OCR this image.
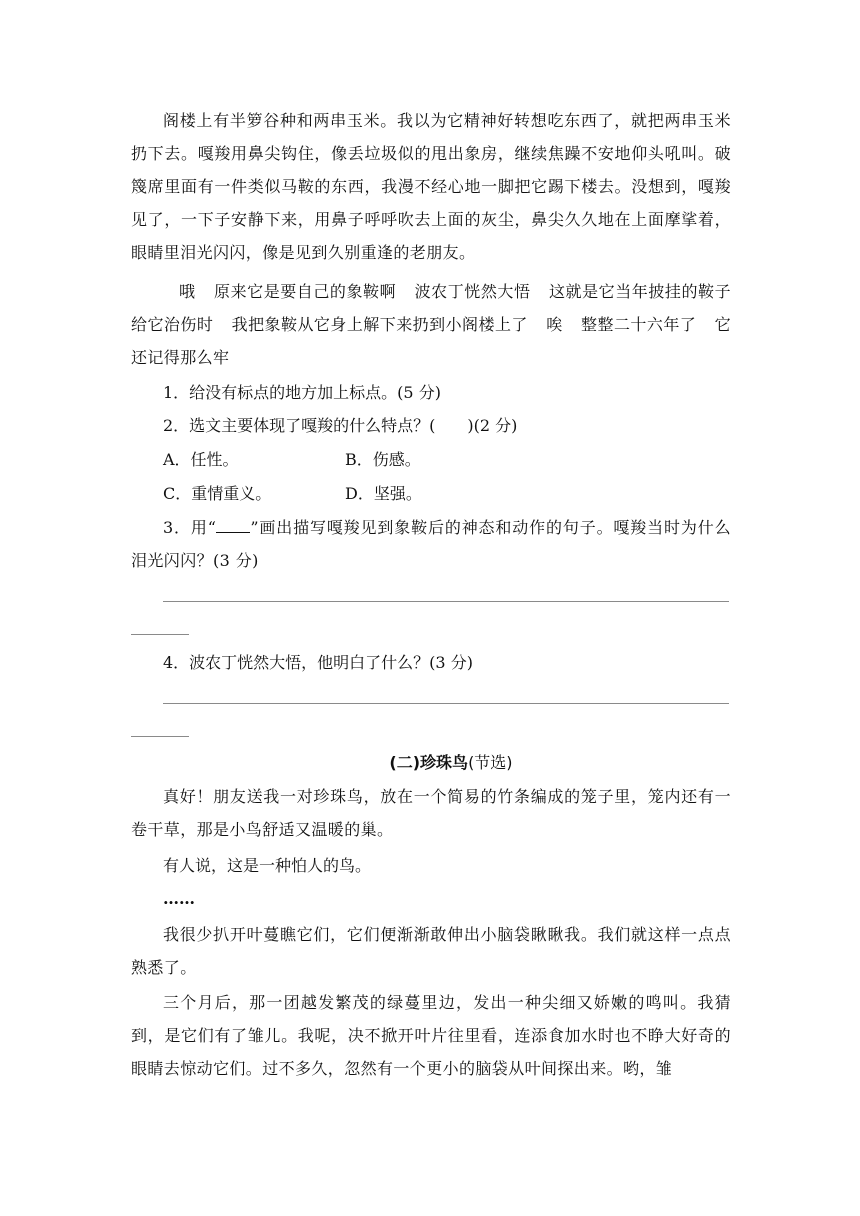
阁楼上有半箩谷种和两串玉米。我以为它精神好转想吃东西了，就把两串玉米扔下去。嘎羧用鼻尖钩住，像丢垃圾似的甩出象房，继续焦躁不安地仰头吼叫。破篾席里面有一件类似马鞍的东西，我漫不经心地一脚把它踢下楼去。没想到，嘎羧见了，一下子安静下来，用鼻子呼呼吹去上面的灰尘，鼻尖久久地在上面摩挲着，眼睛里泪光闪闪，像是见到久别重逢的老朋友。

哦 原来它是要自己的象鞍啊 波农丁恍然大悟 这就是它当年披挂的鞍子 给它治伤时 我把象鞍从它身上解下来扔到小阁楼上了 唉 整整二十六年了 它还记得那么牢

1．给没有标点的地方加上标点。(5 分)
2．选文主要体现了嘎羧的什么特点？(　　)(2 分)
A．任性。	B．伤感。
C．重情重义。	D．坚强。

3．用“ ”画出描写嘎羧见到象鞍后的神态和动作的句子。嘎羧当时为什么泪光闪闪？(3 分)

4．波农丁恍然大悟，他明白了什么？(3 分)
(二)珍珠鸟(节选)

真好！朋友送我一对珍珠鸟，放在一个简易的竹条编成的笼子里，笼内还有一卷干草，那是小鸟舒适又温暖的巢。

有人说，这是一种怕人的鸟。
……

我很少扒开叶蔓瞧它们，它们便渐渐敢伸出小脑袋瞅瞅我。我们就这样一点点熟悉了。

三个月后，那一团越发繁茂的绿蔓里边，发出一种尖细又娇嫩的鸣叫。我猜到，是它们有了雏儿。我呢，决不掀开叶片往里看，连添食加水时也不睁大好奇的眼睛去惊动它们。过不多久，忽然有一个更小的脑袋从叶间探出来。哟，雏
